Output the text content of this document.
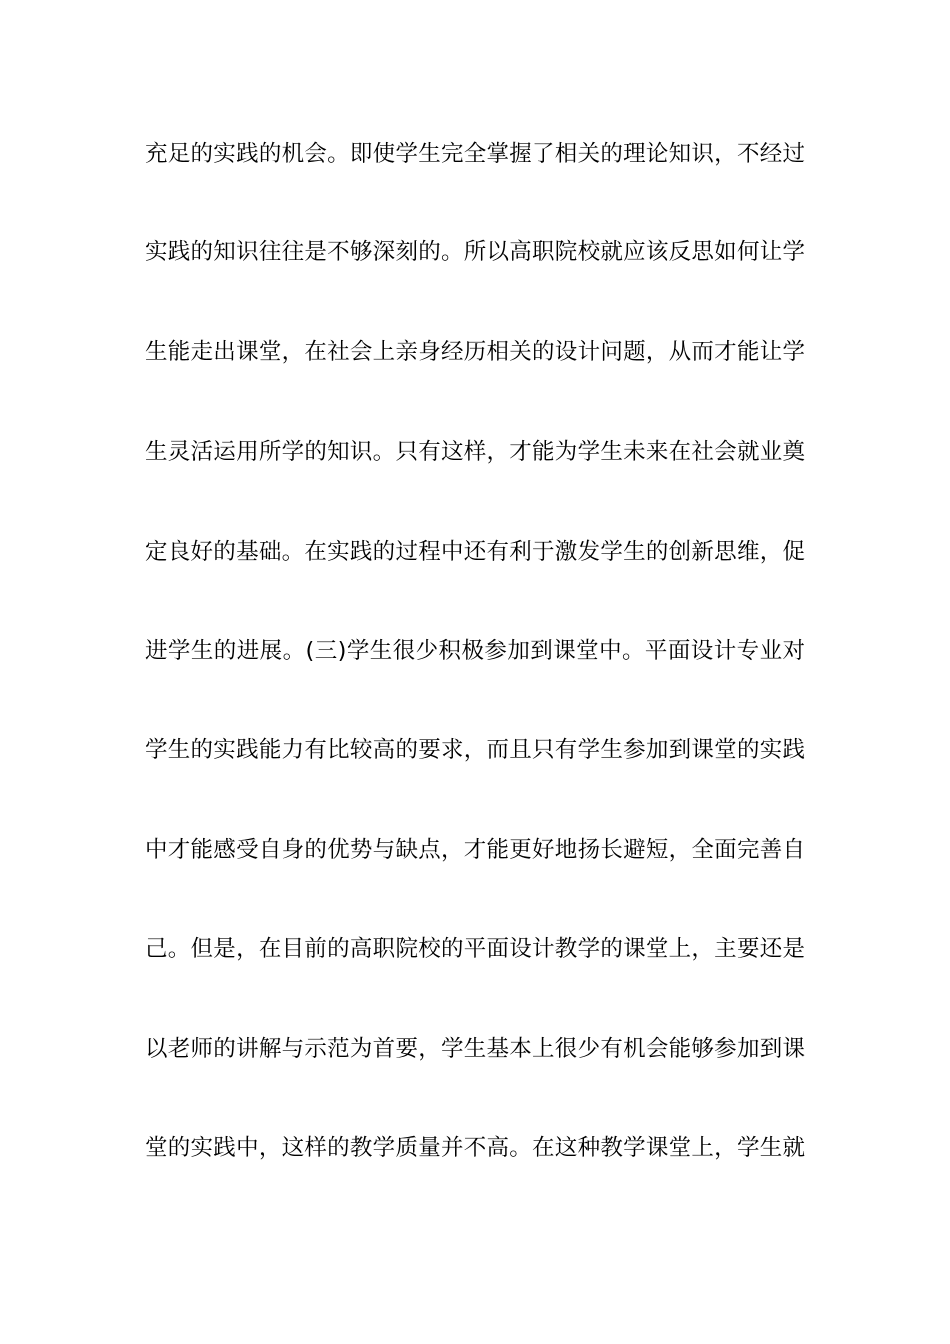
充足的实践的机会。即使学生完全掌握了相关的理论知识，不经过
实践的知识往往是不够深刻的。所以高职院校就应该反思如何让学
生能走出课堂，在社会上亲身经历相关的设计问题，从而才能让学
生灵活运用所学的知识。只有这样，才能为学生未来在社会就业奠
定良好的基础。在实践的过程中还有利于激发学生的创新思维，促
进学生的进展。(三)学生很少积极参加到课堂中。平面设计专业对
学生的实践能力有比较高的要求，而且只有学生参加到课堂的实践
中才能感受自身的优势与缺点，才能更好地扬长避短，全面完善自
己。但是，在目前的高职院校的平面设计教学的课堂上，主要还是
以老师的讲解与示范为首要，学生基本上很少有机会能够参加到课
堂的实践中，这样的教学质量并不高。在这种教学课堂上，学生就
